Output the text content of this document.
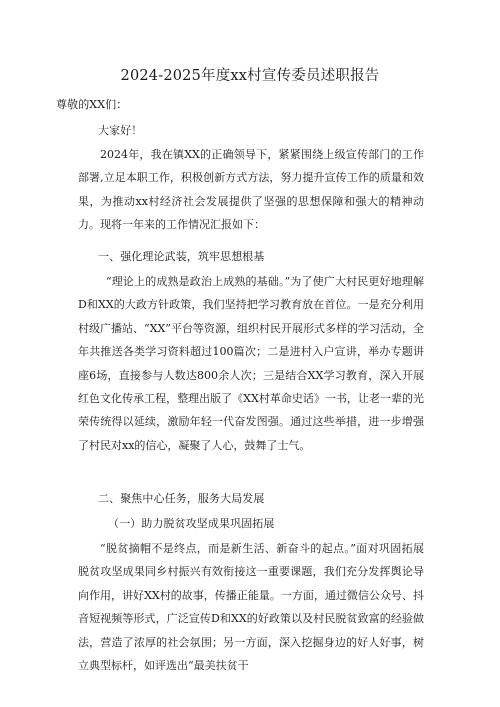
2024-2025年度xx村宣传委员述职报告
尊敬的XX们：
大家好！
2024年，我在镇XX的正确领导下，紧紧围绕上级宣传部门的工作部署,立足本职工作，积极创新方式方法，努力提升宣传工作的质量和效果，为推动xx村经济社会发展提供了坚强的思想保障和强大的精神动力。现将一年来的工作情况汇报如下：
一、强化理论武装，筑牢思想根基
“理论上的成熟是政治上成熟的基础。”为了使广大村民更好地理解D和XX的大政方针政策，我们坚持把学习教育放在首位。一是充分利用村级广播站、“XX”平台等资源，组织村民开展形式多样的学习活动，全年共推送各类学习资料超过100篇次；二是进村入户宣讲，举办专题讲座6场，直接参与人数达800余人次；三是结合XX学习教育，深入开展红色文化传承工程，整理出版了《XX村革命史话》一书，让老一辈的光荣传统得以延续，激励年轻一代奋发图强。通过这些举措，进一步增强了村民对xx的信心，凝聚了人心，鼓舞了士气。
二、聚焦中心任务，服务大局发展
（一）助力脱贫攻坚成果巩固拓展
“脱贫摘帽不是终点，而是新生活、新奋斗的起点。”面对巩固拓展脱贫攻坚成果同乡村振兴有效衔接这一重要课题，我们充分发挥舆论导向作用，讲好XX村的故事，传播正能量。一方面，通过微信公众号、抖音短视频等形式，广泛宣传D和XX的好政策以及村民脱贫致富的经验做法，营造了浓厚的社会氛围；另一方面，深入挖掘身边的好人好事，树立典型标杆，如评选出“最美扶贫干
